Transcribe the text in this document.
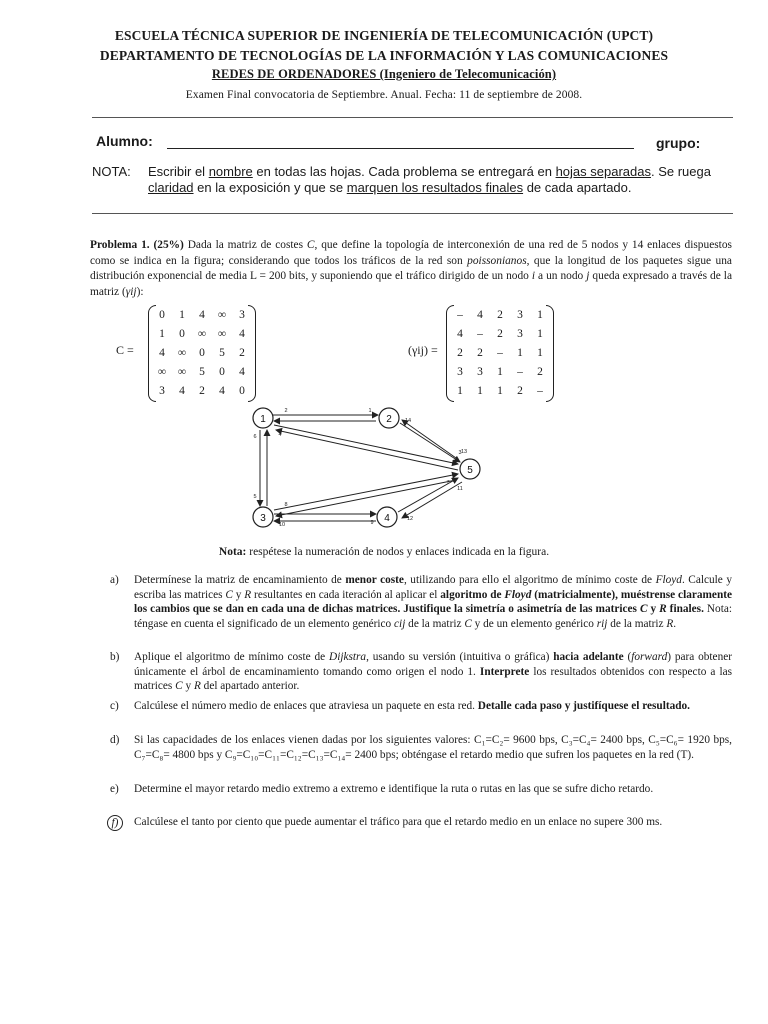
ESCUELA TÉCNICA SUPERIOR DE INGENIERÍA DE TELECOMUNICACIÓN (UPCT)
DEPARTAMENTO DE TECNOLOGÍAS DE LA INFORMACIÓN Y LAS COMUNICACIONES
REDES DE ORDENADORES (Ingeniero de Telecomunicación)
Examen Final convocatoria de Septiembre. Anual. Fecha: 11 de septiembre de 2008.
Alumno:	grupo:
NOTA: Escribir el nombre en todas las hojas. Cada problema se entregará en hojas separadas. Se ruega claridad en la exposición y que se marquen los resultados finales de cada apartado.
Problema 1. (25%) Dada la matriz de costes C, que define la topología de interconexión de una red de 5 nodos y 14 enlaces dispuestos como se indica en la figura; considerando que todos los tráficos de la red son poissonianos, que la longitud de los paquetes sigue una distribución exponencial de media L = 200 bits, y suponiendo que el tráfico dirigido de un nodo i a un nodo j queda expresado a través de la matriz (γij):
C =
0	1	4	∞	3
1	0	∞	∞	4
4	∞	0	5	2
∞	∞	5	0	4
3	4	2	4	0
(γij) =
–	4	2	3	1
4	–	2	3	1
2	2	–	1	1
3	3	1	–	2
1	1	1	2	–
1	2
3	4
5
1
2
3
4
5
6
7
8
9
10
11
12
13
14
Nota: respétese la numeración de nodos y enlaces indicada en la figura.
a)	Determínese la matriz de encaminamiento de menor coste, utilizando para ello el algoritmo de mínimo coste de Floyd. Calcule y escriba las matrices C y R resultantes en cada iteración al aplicar el algoritmo de Floyd (matricialmente), muéstrense claramente los cambios que se dan en cada una de dichas matrices. Justifique la simetría o asimetría de las matrices C y R finales. Nota: téngase en cuenta el significado de un elemento genérico cij de la matriz C y de un elemento genérico rij de la matriz R.
b)	Aplique el algoritmo de mínimo coste de Dijkstra, usando su versión (intuitiva o gráfica) hacia adelante (forward) para obtener únicamente el árbol de encaminamiento tomando como origen el nodo 1. Interprete los resultados obtenidos con respecto a las matrices C y R del apartado anterior.
c)	Calcúlese el número medio de enlaces que atraviesa un paquete en esta red. Detalle cada paso y justifíquese el resultado.
d)	Si las capacidades de los enlaces vienen dadas por los siguientes valores: C₁=C₂= 9600 bps, C₃=C₄= 2400 bps, C₅=C₆= 1920 bps, C₇=C₈= 4800 bps y C₉=C₁₀=C₁₁=C₁₂=C₁₃=C₁₄= 2400 bps; obténgase el retardo medio que sufren los paquetes en la red (T).
e)	Determine el mayor retardo medio extremo a extremo e identifique la ruta o rutas en las que se sufre dicho retardo.
f)	Calcúlese el tanto por ciento que puede aumentar el tráfico para que el retardo medio en un enlace no supere 300 ms.
